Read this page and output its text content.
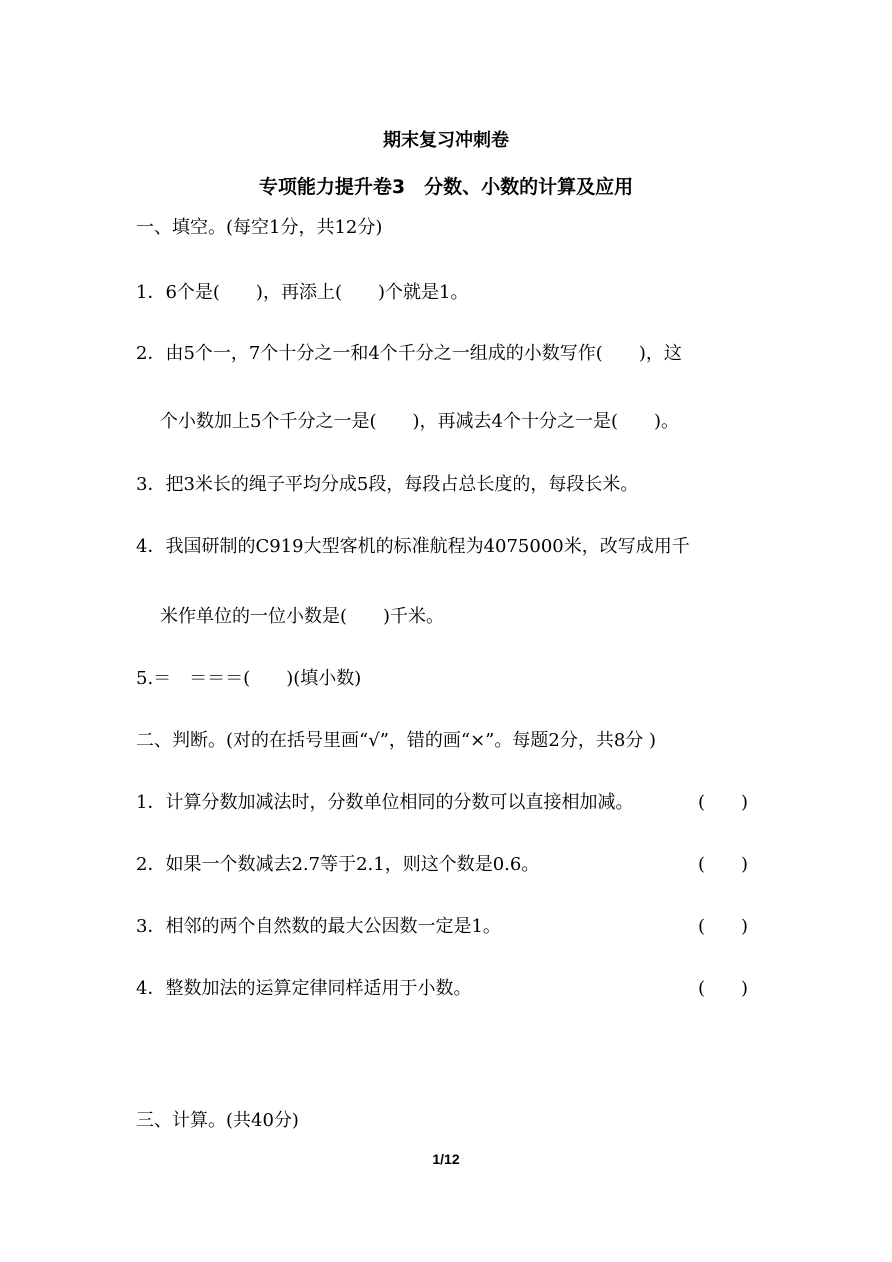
期末复习冲刺卷
专项能力提升卷3　分数、小数的计算及应用
一、填空。(每空1分，共12分)
1．6个是(　　)，再添上(　　)个就是1。
2．由5个一，7个十分之一和4个千分之一组成的小数写作(　　)，这
个小数加上5个千分之一是(　　)，再减去4个十分之一是(　　)。
3．把3米长的绳子平均分成5段，每段占总长度的，每段长米。
4．我国研制的C919大型客机的标准航程为4075000米，改写成用千
米作单位的一位小数是(　　)千米。
5.＝　＝＝＝(　　)(填小数)
二、判断。(对的在括号里画“√”，错的画“×”。每题2分，共8分 )
1．计算分数加减法时，分数单位相同的分数可以直接相加减。	(　　)
2．如果一个数减去2.7等于2.1，则这个数是0.6。	(　　)
3．相邻的两个自然数的最大公因数一定是1。	(　　)
4．整数加法的运算定律同样适用于小数。	(　　)
三、计算。(共40分)
1/12
